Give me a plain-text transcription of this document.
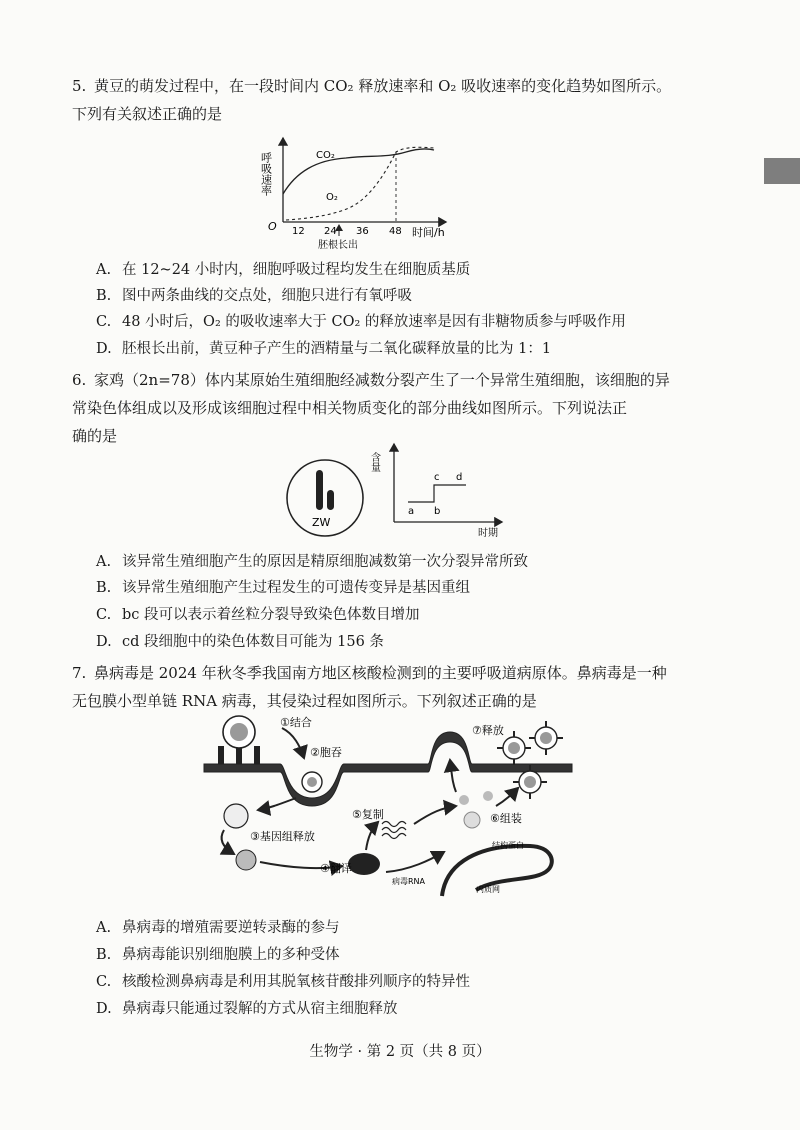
5. 黄豆的萌发过程中，在一段时间内 CO₂ 释放速率和 O₂ 吸收速率的变化趋势如图所示。
下列有关叙述正确的是

呼吸速率
O
CO₂
O₂
12 24 36 48
胚根长出
时间/h
A. 在 12~24 小时内，细胞呼吸过程均发生在细胞质基质
B. 图中两条曲线的交点处，细胞只进行有氧呼吸
C. 48 小时后，O₂ 的吸收速率大于 CO₂ 的释放速率是因有非糖物质参与呼吸作用
D. 胚根长出前，黄豆种子产生的酒精量与二氧化碳释放量的比为 1：1

6. 家鸡（2n=78）体内某原始生殖细胞经减数分裂产生了一个异常生殖细胞，该细胞的异
常染色体组成以及形成该细胞过程中相关物质变化的部分曲线如图所示。下列说法正
确的是

ZW
含量
a b
c d
时期
A. 该异常生殖细胞产生的原因是精原细胞减数第一次分裂异常所致
B. 该异常生殖细胞产生过程发生的可遗传变异是基因重组
C. bc 段可以表示着丝粒分裂导致染色体数目增加
D. cd 段细胞中的染色体数目可能为 156 条

7. 鼻病毒是 2024 年秋冬季我国南方地区核酸检测到的主要呼吸道病原体。鼻病毒是一种
无包膜小型单链 RNA 病毒，其侵染过程如图所示。下列叙述正确的是

①结合
②胞吞
③基因组释放
④翻译
⑤复制	⑥组装
⑦释放
结构蛋白
病毒RNA
内质网
A. 鼻病毒的增殖需要逆转录酶的参与
B. 鼻病毒能识别细胞膜上的多种受体
C. 核酸检测鼻病毒是利用其脱氧核苷酸排列顺序的特异性
D. 鼻病毒只能通过裂解的方式从宿主细胞释放
生物学 · 第 2 页（共 8 页）
